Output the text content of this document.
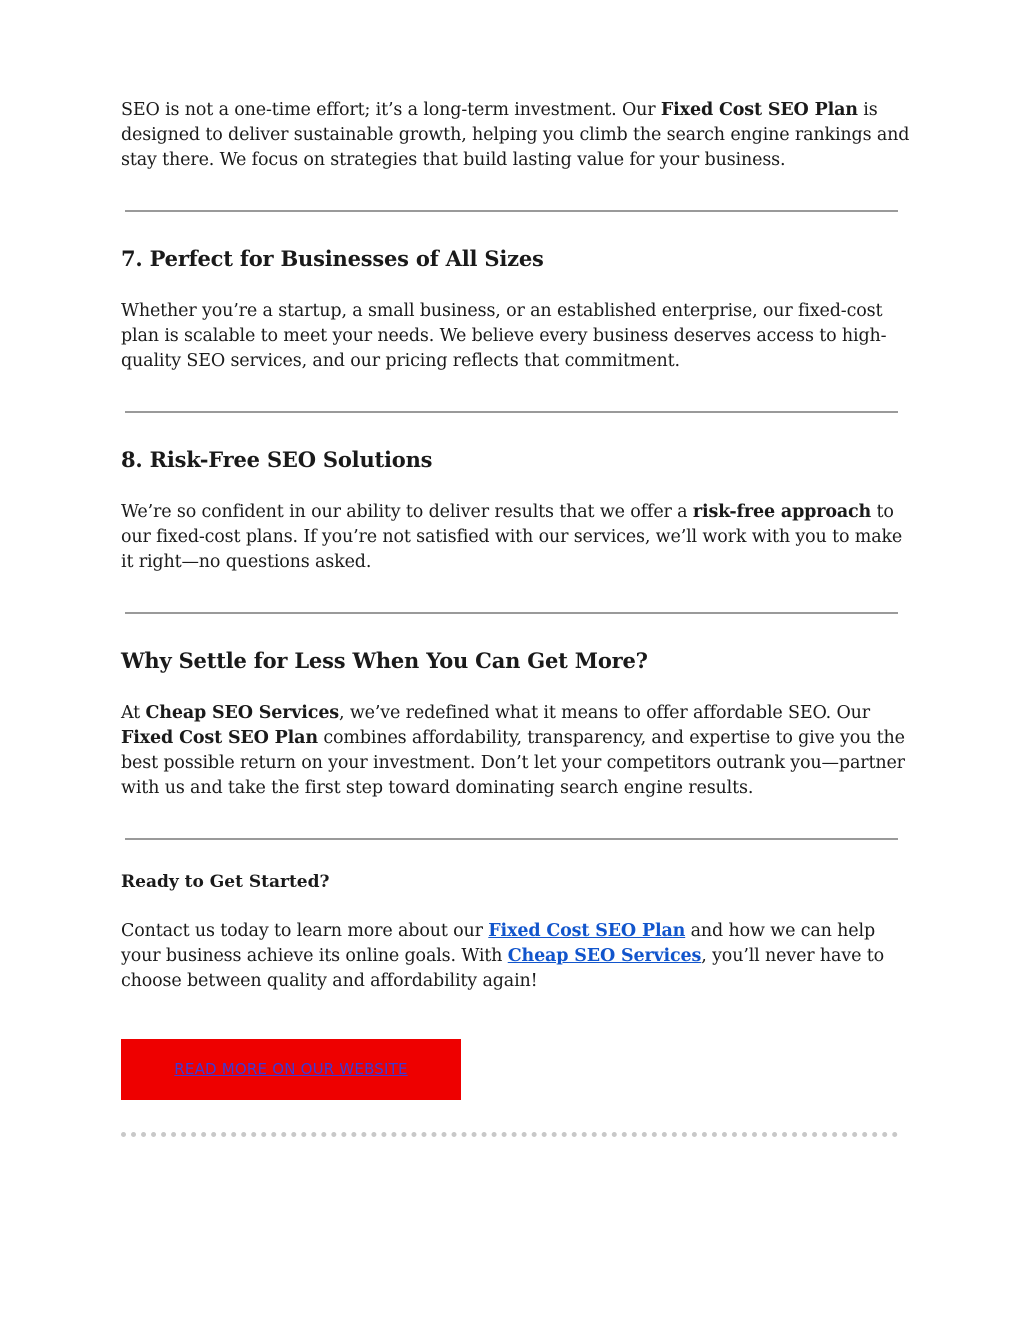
SEO is not a one-time effort; it’s a long-term investment. Our Fixed Cost SEO Plan is designed to deliver sustainable growth, helping you climb the search engine rankings and stay there. We focus on strategies that build lasting value for your business.

7. Perfect for Businesses of All Sizes

Whether you’re a startup, a small business, or an established enterprise, our fixed-cost plan is scalable to meet your needs. We believe every business deserves access to high-quality SEO services, and our pricing reflects that commitment.

8. Risk-Free SEO Solutions

We’re so confident in our ability to deliver results that we offer a risk-free approach to our fixed-cost plans. If you’re not satisfied with our services, we’ll work with you to make it right—no questions asked.

Why Settle for Less When You Can Get More?

At Cheap SEO Services, we’ve redefined what it means to offer affordable SEO. Our Fixed Cost SEO Plan combines affordability, transparency, and expertise to give you the best possible return on your investment. Don’t let your competitors outrank you—partner with us and take the first step toward dominating search engine results.

Ready to Get Started?

Contact us today to learn more about our Fixed Cost SEO Plan and how we can help your business achieve its online goals. With Cheap SEO Services, you’ll never have to choose between quality and affordability again!

READ MORE ON OUR WEBSITE
